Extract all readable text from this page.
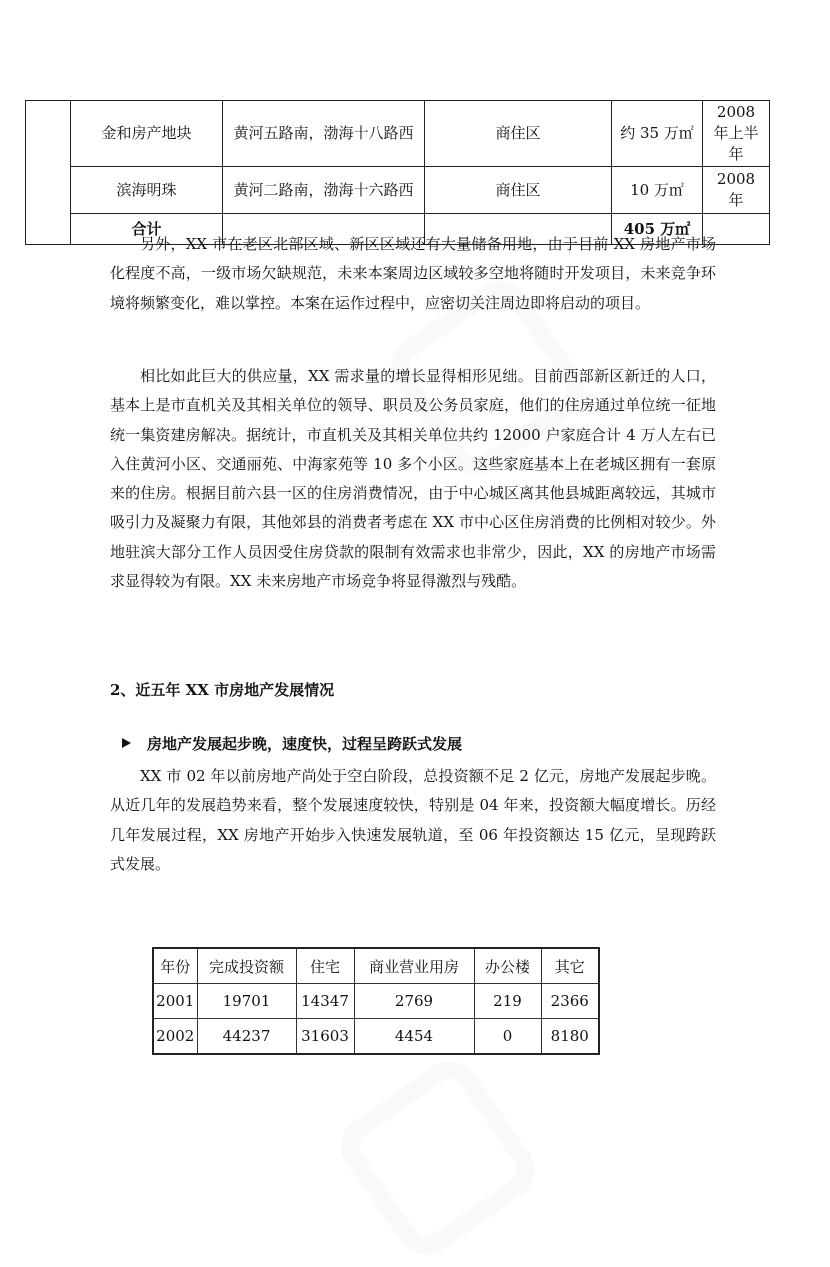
	金和房产地块	黄河五路南，渤海十八路西	商住区	约 35 万㎡	2008 年上半年
	滨海明珠	黄河二路南，渤海十六路西	商住区	10 万㎡	2008 年
	合计			405 万㎡	

另外，XX 市在老区北部区域、新区区域还有大量储备用地，由于目前 XX 房地产市场化程度不高，一级市场欠缺规范，未来本案周边区域较多空地将随时开发项目，未来竞争环境将频繁变化，难以掌控。本案在运作过程中，应密切关注周边即将启动的项目。

相比如此巨大的供应量，XX 需求量的增长显得相形见绌。目前西部新区新迁的人口，基本上是市直机关及其相关单位的领导、职员及公务员家庭，他们的住房通过单位统一征地统一集资建房解决。据统计，市直机关及其相关单位共约 12000 户家庭合计 4 万人左右已入住黄河小区、交通丽苑、中海家苑等 10 多个小区。这些家庭基本上在老城区拥有一套原来的住房。根据目前六县一区的住房消费情况，由于中心城区离其他县城距离较远，其城市吸引力及凝聚力有限，其他郊县的消费者考虑在 XX 市中心区住房消费的比例相对较少。外地驻滨大部分工作人员因受住房贷款的限制有效需求也非常少，因此，XX 的房地产市场需求显得较为有限。XX 未来房地产市场竞争将显得激烈与残酷。

2、近五年 XX 市房地产发展情况

房地产发展起步晚，速度快，过程呈跨跃式发展

XX 市 02 年以前房地产尚处于空白阶段，总投资额不足 2 亿元，房地产发展起步晚。从近几年的发展趋势来看，整个发展速度较快，特别是 04 年来，投资额大幅度增长。历经几年发展过程，XX 房地产开始步入快速发展轨道，至 06 年投资额达 15 亿元，呈现跨跃式发展。

年份	完成投资额	住宅	商业营业用房	办公楼	其它
2001	19701	14347	2769	219	2366
2002	44237	31603	4454	0	8180
